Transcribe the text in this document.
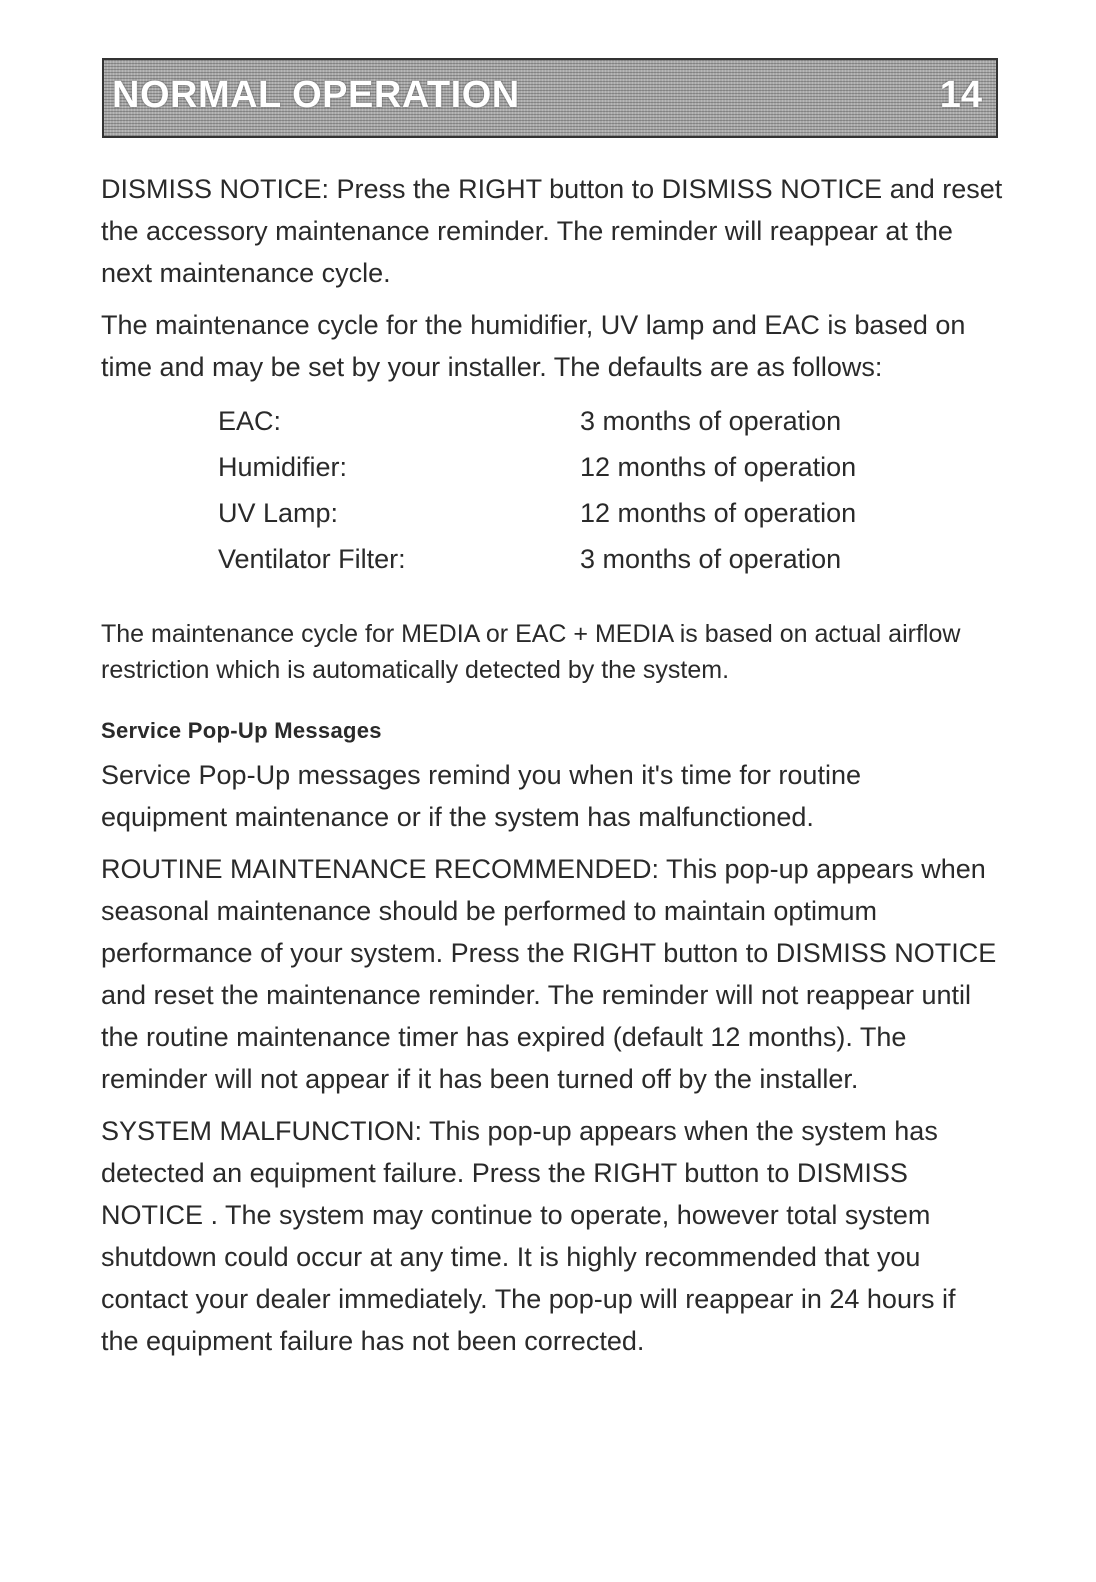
NORMAL OPERATION	14

DISMISS NOTICE: Press the RIGHT button to DISMISS NOTICE and reset the accessory maintenance reminder. The reminder will reappear at the next maintenance cycle.

The maintenance cycle for the humidifier, UV lamp and EAC is based on time and may be set by your installer. The defaults are as follows:

EAC:	3 months of operation
Humidifier:	12 months of operation
UV Lamp:	12 months of operation
Ventilator Filter:	3 months of operation

The maintenance cycle for MEDIA or EAC + MEDIA is based on actual airflow restriction which is automatically detected by the system.

Service Pop-Up Messages

Service Pop-Up messages remind you when it's time for routine equipment maintenance or if the system has malfunctioned.

ROUTINE MAINTENANCE RECOMMENDED: This pop-up appears when seasonal maintenance should be performed to maintain optimum performance of your system. Press the RIGHT button to DISMISS NOTICE and reset the maintenance reminder. The reminder will not reappear until the routine maintenance timer has expired (default 12 months). The reminder will not appear if it has been turned off by the installer.

SYSTEM MALFUNCTION: This pop-up appears when the system has detected an equipment failure. Press the RIGHT button to DISMISS NOTICE . The system may continue to operate, however total system shutdown could occur at any time. It is highly recommended that you contact your dealer immediately. The pop-up will reappear in 24 hours if the equipment failure has not been corrected.
